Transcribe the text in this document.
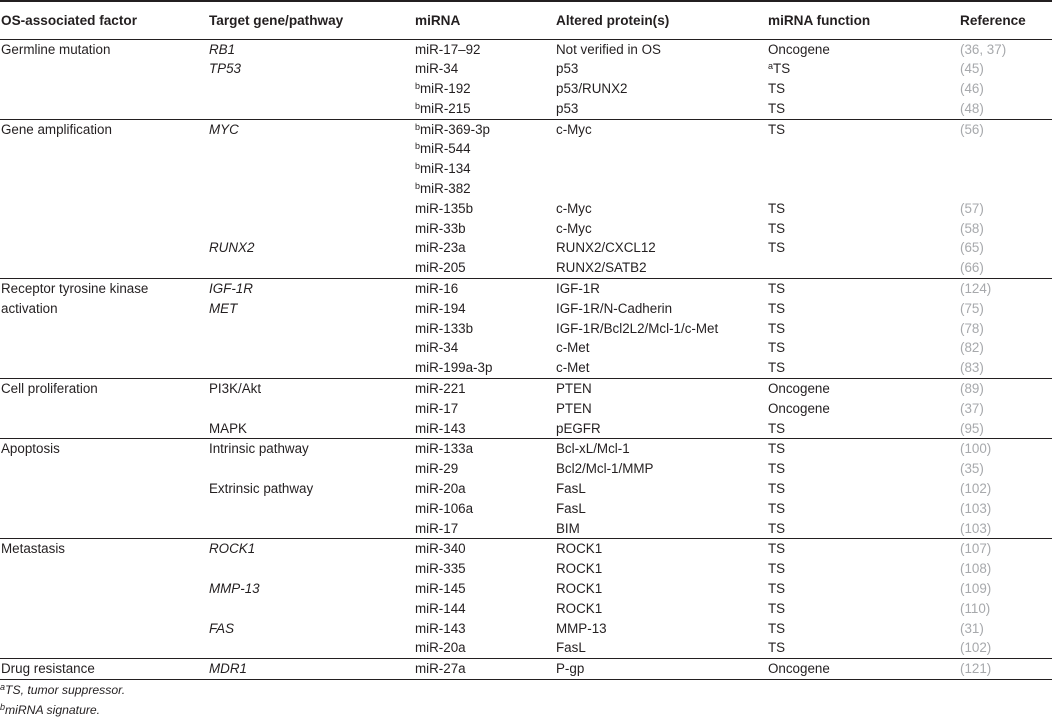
OS-associated factor	Target gene/pathway	miRNA	Altered protein(s)	miRNA function	Reference
Germline mutation	RB1	miR-17–92	Not verified in OS	Oncogene	(36, 37)
	TP53	miR-34	p53	$^a$TS	(45)
		$^b$miR-192	p53/RUNX2	TS	(46)
		$^b$miR-215	p53	TS	(48)
Gene amplification	MYC	$^b$miR-369-3p	c-Myc	TS	(56)
		$^b$miR-544			
		$^b$miR-134			
		$^b$miR-382			
		miR-135b	c-Myc	TS	(57)
		miR-33b	c-Myc	TS	(58)
	RUNX2	miR-23a	RUNX2/CXCL12	TS	(65)
		miR-205	RUNX2/SATB2		(66)
Receptor tyrosine kinase	IGF-1R	miR-16	IGF-1R	TS	(124)
activation	MET	miR-194	IGF-1R/N-Cadherin	TS	(75)
		miR-133b	IGF-1R/Bcl2L2/Mcl-1/c-Met	TS	(78)
		miR-34	c-Met	TS	(82)
		miR-199a-3p	c-Met	TS	(83)
Cell proliferation	PI3K/Akt	miR-221	PTEN	Oncogene	(89)
		miR-17	PTEN	Oncogene	(37)
	MAPK	miR-143	pEGFR	TS	(95)
Apoptosis	Intrinsic pathway	miR-133a	Bcl-xL/Mcl-1	TS	(100)
		miR-29	Bcl2/Mcl-1/MMP	TS	(35)
	Extrinsic pathway	miR-20a	FasL	TS	(102)
		miR-106a	FasL	TS	(103)
		miR-17	BIM	TS	(103)
Metastasis	ROCK1	miR-340	ROCK1	TS	(107)
		miR-335	ROCK1	TS	(108)
	MMP-13	miR-145	ROCK1	TS	(109)
		miR-144	ROCK1	TS	(110)
	FAS	miR-143	MMP-13	TS	(31)
		miR-20a	FasL	TS	(102)
Drug resistance	MDR1	miR-27a	P-gp	Oncogene	(121)
$^a$TS, tumor suppressor.
$^b$miRNA signature.
